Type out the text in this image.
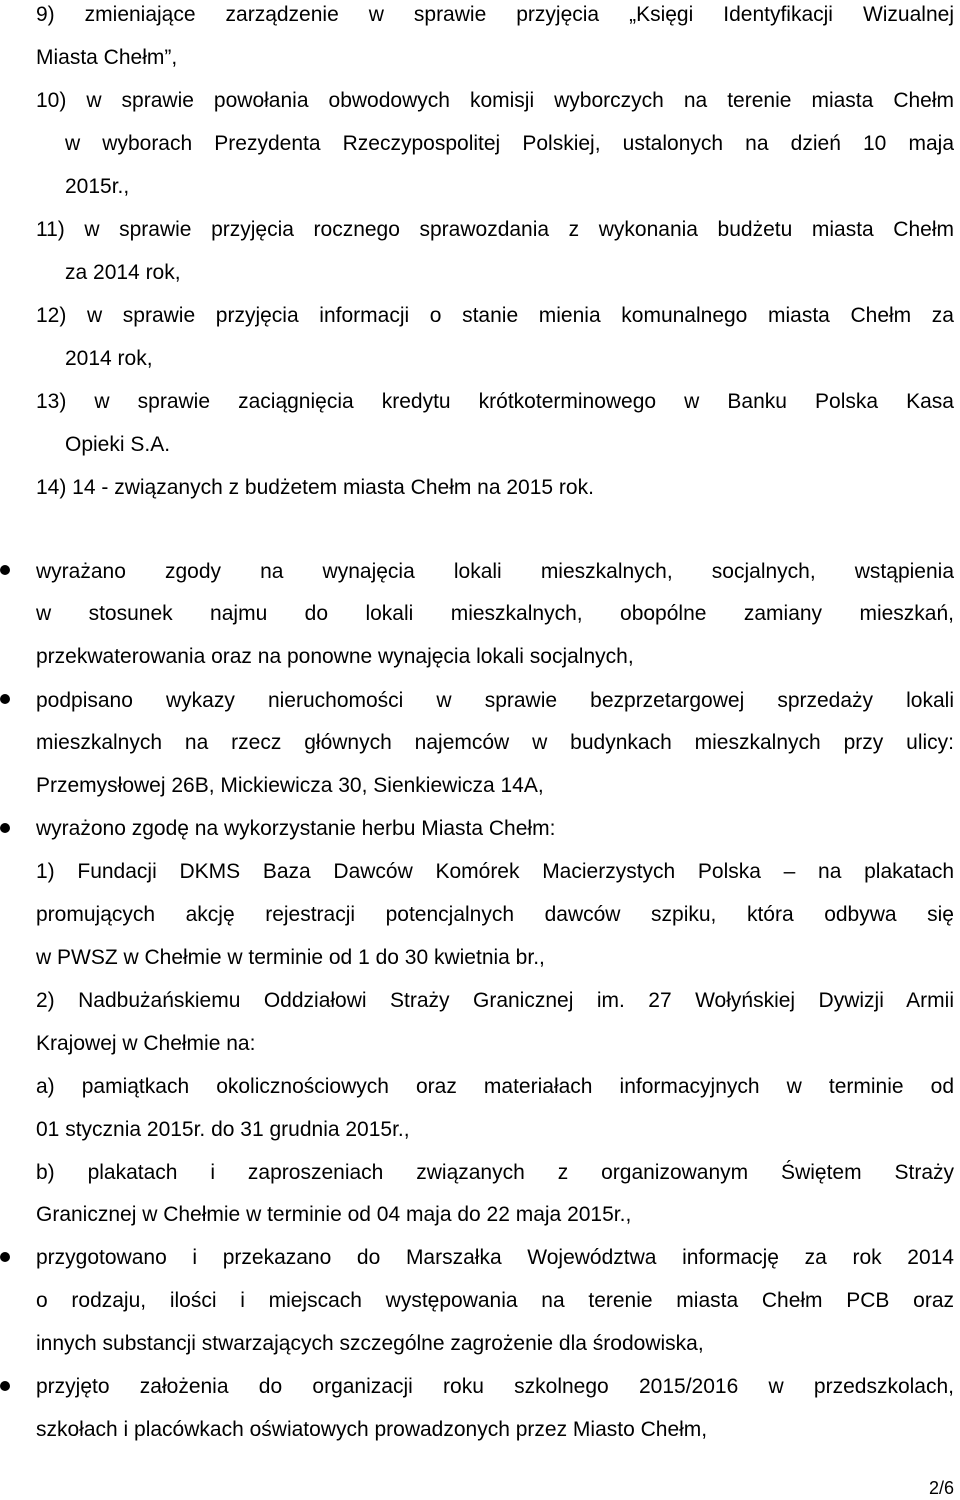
9) zmieniające zarządzenie w sprawie przyjęcia „Księgi Identyfikacji Wizualnej
Miasta Chełm”,
10) w sprawie powołania obwodowych komisji wyborczych na terenie miasta Chełm
w wyborach Prezydenta Rzeczypospolitej Polskiej, ustalonych na dzień 10 maja
2015r.,
11) w sprawie przyjęcia rocznego sprawozdania z wykonania budżetu miasta Chełm
za 2014 rok,
12) w sprawie przyjęcia informacji o stanie mienia komunalnego miasta Chełm za
2014 rok,
13) w sprawie zaciągnięcia kredytu krótkoterminowego w Banku Polska Kasa
Opieki S.A.
14) 14 - związanych z budżetem miasta Chełm na 2015 rok.
wyrażano zgody na wynajęcia lokali mieszkalnych, socjalnych, wstąpienia
w stosunek najmu do lokali mieszkalnych, obopólne zamiany mieszkań,
przekwaterowania oraz na ponowne wynajęcia lokali socjalnych,
podpisano wykazy nieruchomości w sprawie bezprzetargowej sprzedaży lokali
mieszkalnych na rzecz głównych najemców w budynkach mieszkalnych przy ulicy:
Przemysłowej 26B, Mickiewicza 30, Sienkiewicza 14A,
wyrażono zgodę na wykorzystanie herbu Miasta Chełm:
1) Fundacji DKMS Baza Dawców Komórek Macierzystych Polska – na plakatach
promujących akcję rejestracji potencjalnych dawców szpiku, która odbywa się
w PWSZ w Chełmie w terminie od 1 do 30 kwietnia br.,
2) Nadbużańskiemu Oddziałowi Straży Granicznej im. 27 Wołyńskiej Dywizji Armii
Krajowej w Chełmie na:
a) pamiątkach okolicznościowych oraz materiałach informacyjnych w terminie od
01 stycznia 2015r. do 31 grudnia 2015r.,
b) plakatach i zaproszeniach związanych z organizowanym Świętem Straży
Granicznej w Chełmie w terminie od 04 maja do 22 maja 2015r.,
przygotowano i przekazano do Marszałka Województwa informację za rok 2014
o rodzaju, ilości i miejscach występowania na terenie miasta Chełm PCB oraz
innych substancji stwarzających szczególne zagrożenie dla środowiska,
przyjęto założenia do organizacji roku szkolnego 2015/2016 w przedszkolach,
szkołach i placówkach oświatowych prowadzonych przez Miasto Chełm,
2/6
